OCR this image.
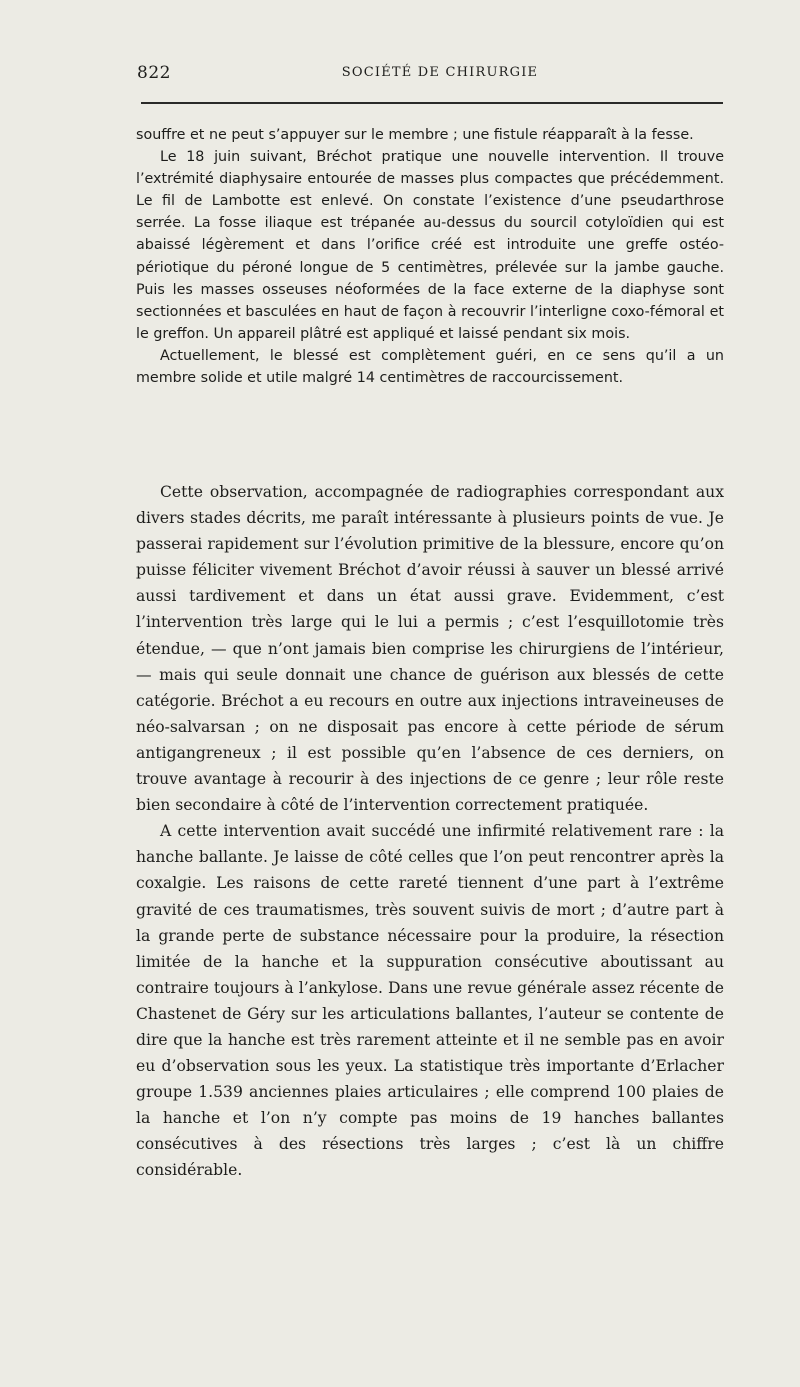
822	SOCIÉTÉ DE CHIRURGIE

souffre et ne peut s’appuyer sur le membre ; une fistule réapparaît à la fesse.

Le 18 juin suivant, Bréchot pratique une nouvelle intervention. Il trouve l’extrémité diaphysaire entourée de masses plus compactes que précédemment. Le fil de Lambotte est enlevé. On constate l’existence d’une pseudarthrose serrée. La fosse iliaque est trépanée au-dessus du sourcil cotyloïdien qui est abaissé légèrement et dans l’orifice créé est introduite une greffe ostéo-périotique du péroné longue de 5 centimètres, prélevée sur la jambe gauche. Puis les masses osseuses néoformées de la face externe de la diaphyse sont sectionnées et basculées en haut de façon à recouvrir l’interligne coxo-fémoral et le greffon. Un appareil plâtré est appliqué et laissé pendant six mois.

Actuellement, le blessé est complètement guéri, en ce sens qu’il a un membre solide et utile malgré 14 centimètres de raccourcissement.

Cette observation, accompagnée de radiographies correspondant aux divers stades décrits, me paraît intéressante à plusieurs points de vue. Je passerai rapidement sur l’évolution primitive de la blessure, encore qu’on puisse féliciter vivement Bréchot d’avoir réussi à sauver un blessé arrivé aussi tardivement et dans un état aussi grave. Evidemment, c’est l’intervention très large qui le lui a permis ; c’est l’esquillotomie très étendue, — que n’ont jamais bien comprise les chirurgiens de l’intérieur, — mais qui seule donnait une chance de guérison aux blessés de cette catégorie. Bréchot a eu recours en outre aux injections intraveineuses de néo-salvarsan ; on ne disposait pas encore à cette période de sérum antigangreneux ; il est possible qu’en l’absence de ces derniers, on trouve avantage à recourir à des injections de ce genre ; leur rôle reste bien secondaire à côté de l’intervention correctement pratiquée.

A cette intervention avait succédé une infirmité relativement rare : la hanche ballante. Je laisse de côté celles que l’on peut rencontrer après la coxalgie. Les raisons de cette rareté tiennent d’une part à l’extrême gravité de ces traumatismes, très souvent suivis de mort ; d’autre part à la grande perte de substance nécessaire pour la produire, la résection limitée de la hanche et la suppuration consécutive aboutissant au contraire toujours à l’ankylose. Dans une revue générale assez récente de Chastenet de Géry sur les articulations ballantes, l’auteur se contente de dire que la hanche est très rarement atteinte et il ne semble pas en avoir eu d’observation sous les yeux. La statistique très importante d’Erlacher groupe 1.539 anciennes plaies articulaires ; elle comprend 100 plaies de la hanche et l’on n’y compte pas moins de 19 hanches ballantes consécutives à des résections très larges ; c’est là un chiffre considérable.
